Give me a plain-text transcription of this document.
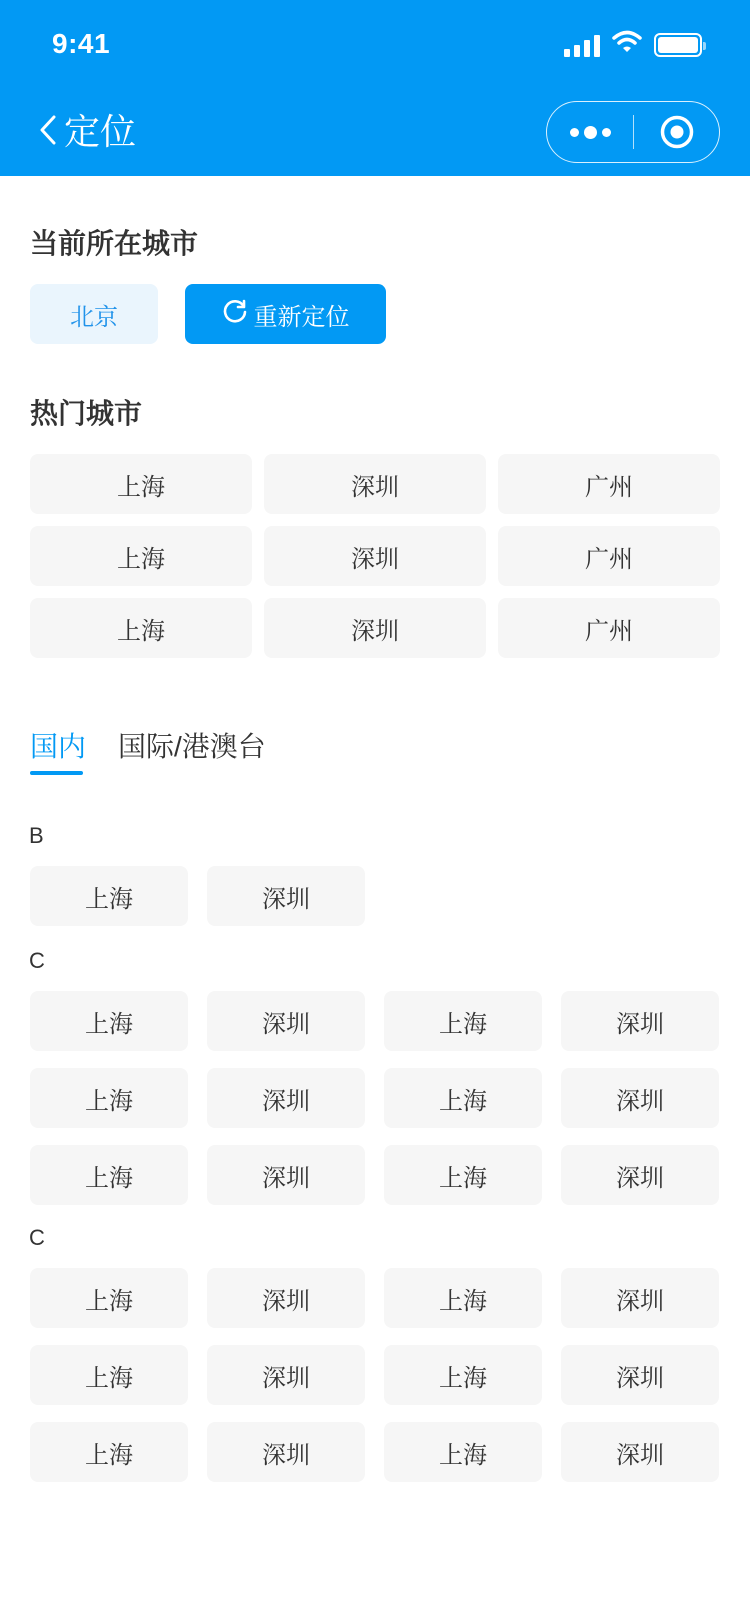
9:41
定位
当前所在城市
北京	重新定位
热门城市
上海	深圳	广州
上海	深圳	广州
上海	深圳	广州
国内 国际/港澳台
B
上海	深圳
C
上海	深圳	上海	深圳
上海	深圳	上海	深圳
上海	深圳	上海	深圳
C
上海	深圳	上海	深圳
上海	深圳	上海	深圳
上海	深圳	上海	深圳
